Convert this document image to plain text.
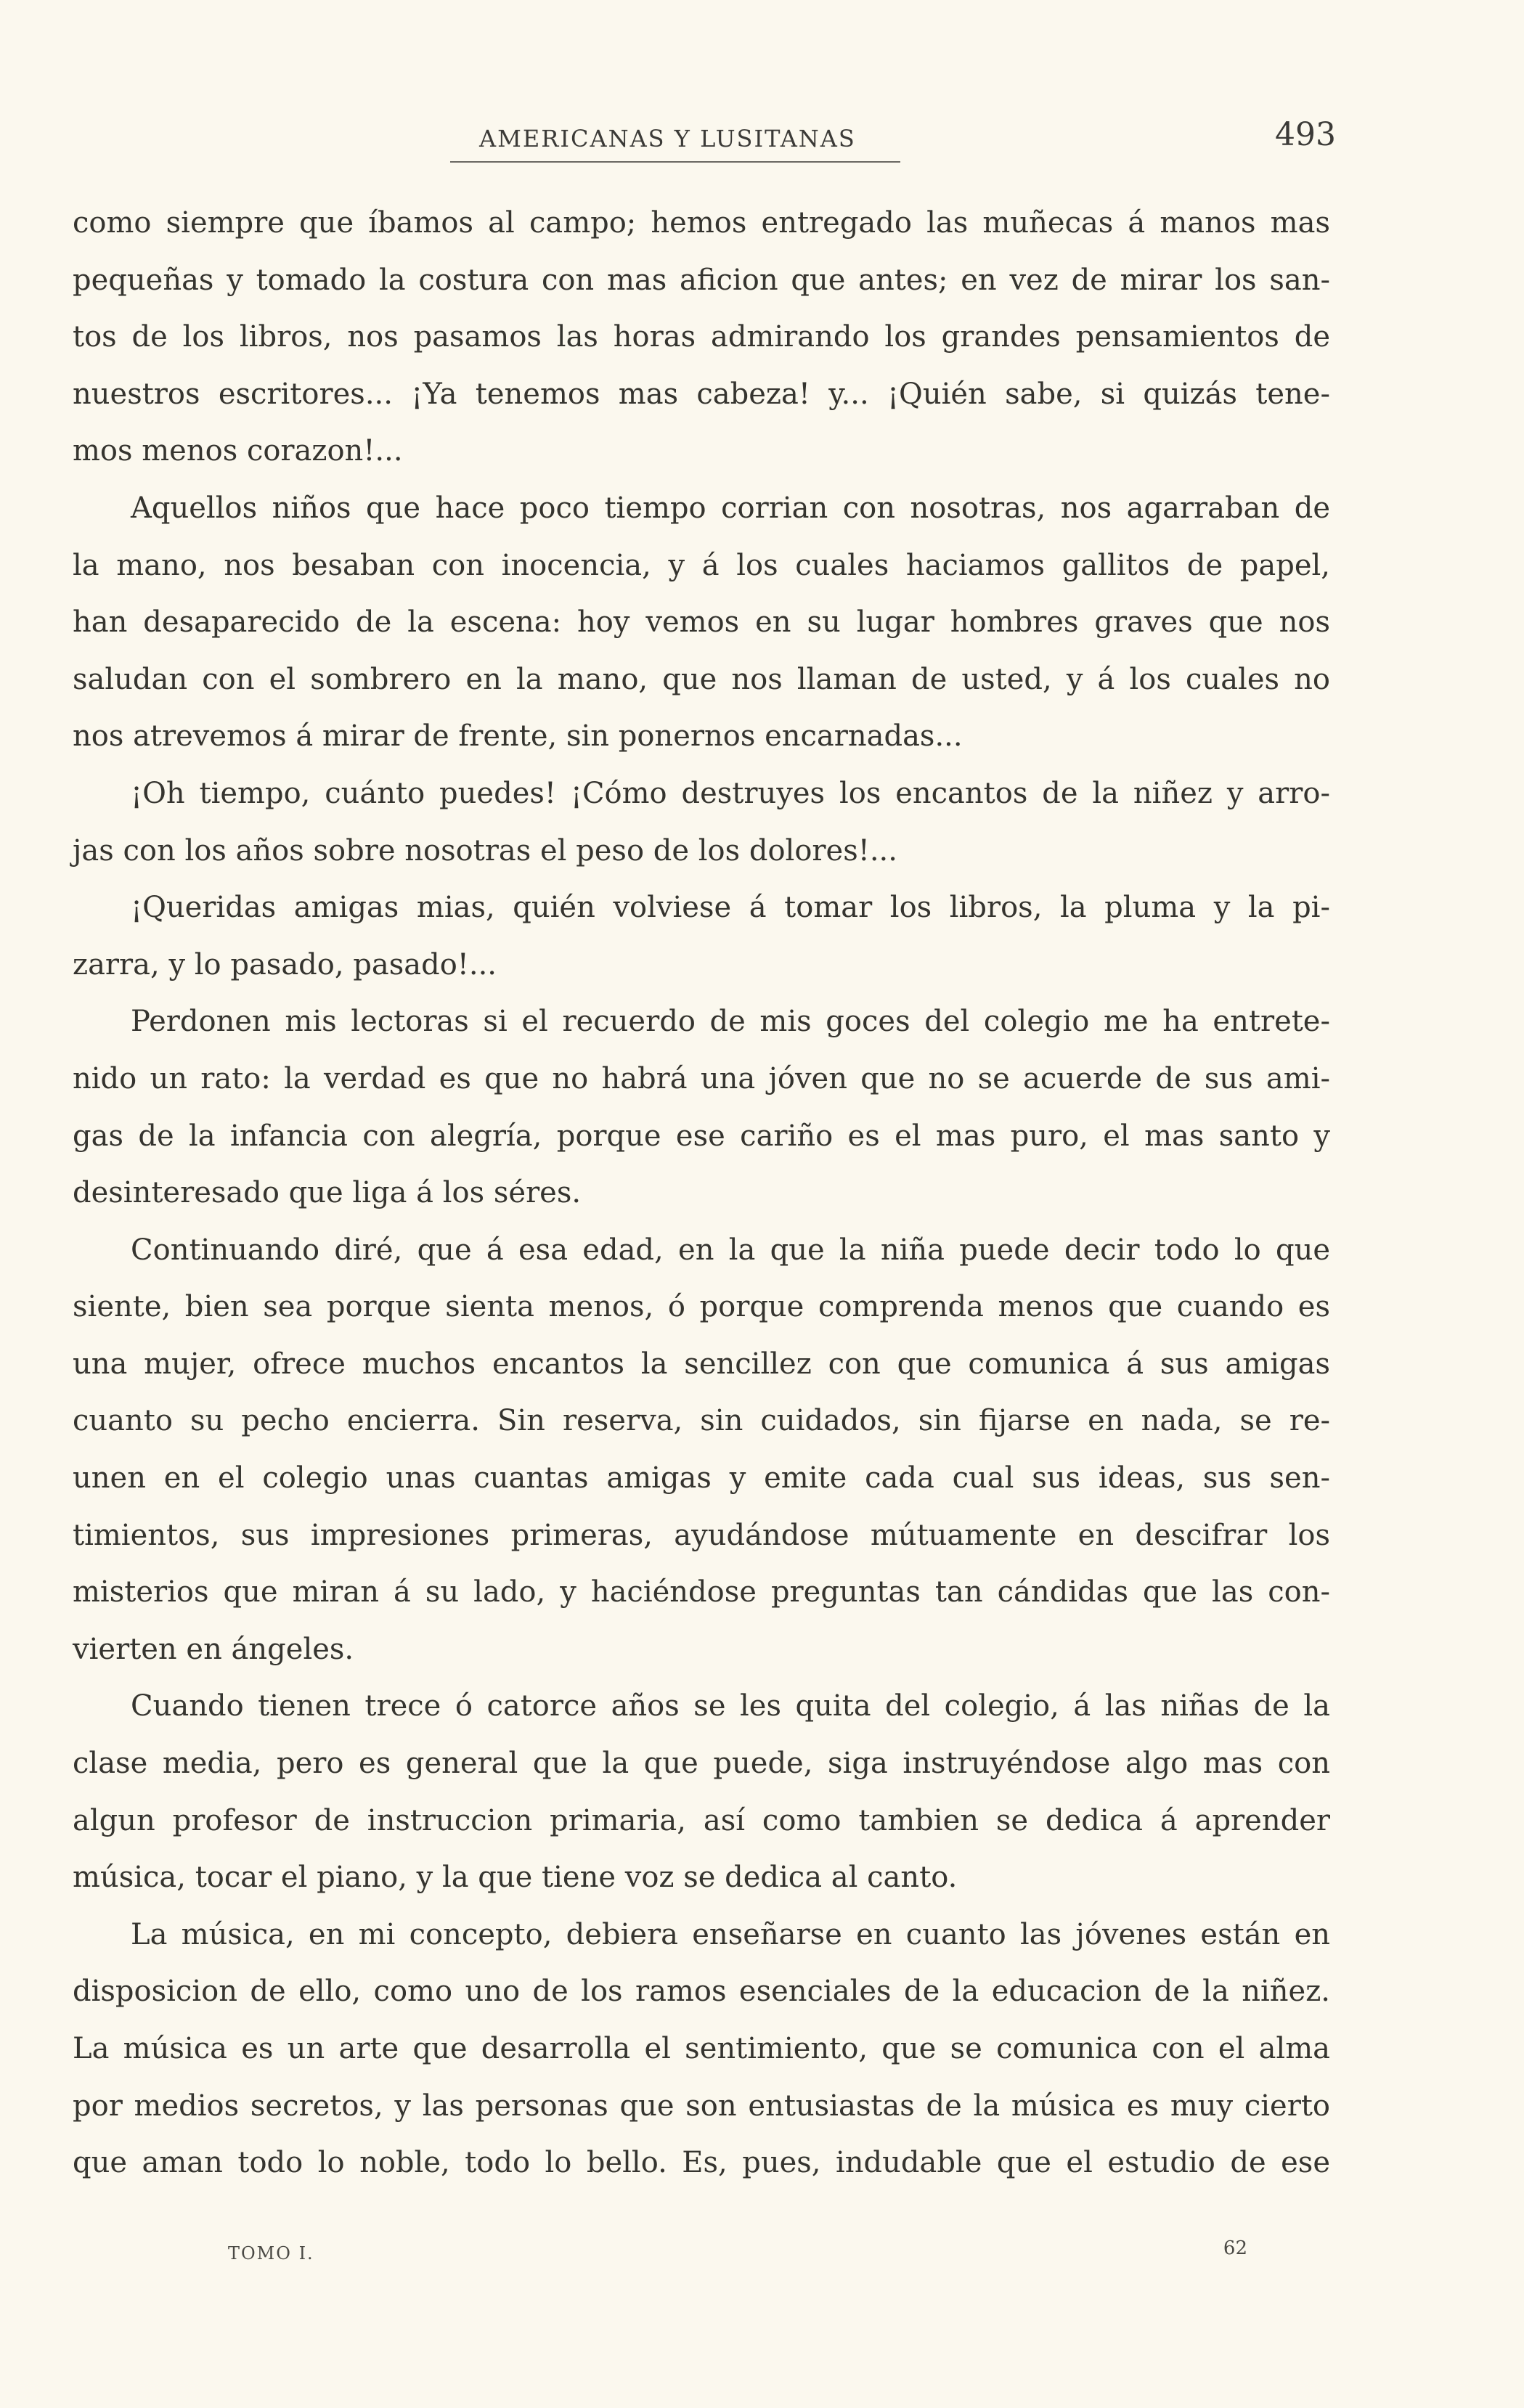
AMERICANAS Y LUSITANAS	493
como siempre que íbamos al campo; hemos entregado las muñecas á manos mas
pequeñas y tomado la costura con mas aficion que antes; en vez de mirar los san-
tos de los libros, nos pasamos las horas admirando los grandes pensamientos de
nuestros escritores... ¡Ya tenemos mas cabeza! y... ¡Quién sabe, si quizás tene-
mos menos corazon!...
Aquellos niños que hace poco tiempo corrian con nosotras, nos agarraban de
la mano, nos besaban con inocencia, y á los cuales haciamos gallitos de papel,
han desaparecido de la escena: hoy vemos en su lugar hombres graves que nos
saludan con el sombrero en la mano, que nos llaman de usted, y á los cuales no
nos atrevemos á mirar de frente, sin ponernos encarnadas...
¡Oh tiempo, cuánto puedes! ¡Cómo destruyes los encantos de la niñez y arro-
jas con los años sobre nosotras el peso de los dolores!...
¡Queridas amigas mias, quién volviese á tomar los libros, la pluma y la pi-
zarra, y lo pasado, pasado!...
Perdonen mis lectoras si el recuerdo de mis goces del colegio me ha entrete-
nido un rato: la verdad es que no habrá una jóven que no se acuerde de sus ami-
gas de la infancia con alegría, porque ese cariño es el mas puro, el mas santo y
desinteresado que liga á los séres.
Continuando diré, que á esa edad, en la que la niña puede decir todo lo que
siente, bien sea porque sienta menos, ó porque comprenda menos que cuando es
una mujer, ofrece muchos encantos la sencillez con que comunica á sus amigas
cuanto su pecho encierra. Sin reserva, sin cuidados, sin fijarse en nada, se re-
unen en el colegio unas cuantas amigas y emite cada cual sus ideas, sus sen-
timientos, sus impresiones primeras, ayudándose mútuamente en descifrar los
misterios que miran á su lado, y haciéndose preguntas tan cándidas que las con-
vierten en ángeles.
Cuando tienen trece ó catorce años se les quita del colegio, á las niñas de la
clase media, pero es general que la que puede, siga instruyéndose algo mas con
algun profesor de instruccion primaria, así como tambien se dedica á aprender
música, tocar el piano, y la que tiene voz se dedica al canto.
La música, en mi concepto, debiera enseñarse en cuanto las jóvenes están en
disposicion de ello, como uno de los ramos esenciales de la educacion de la niñez.
La música es un arte que desarrolla el sentimiento, que se comunica con el alma
por medios secretos, y las personas que son entusiastas de la música es muy cierto
que aman todo lo noble, todo lo bello. Es, pues, indudable que el estudio de ese
TOMO I.	62
